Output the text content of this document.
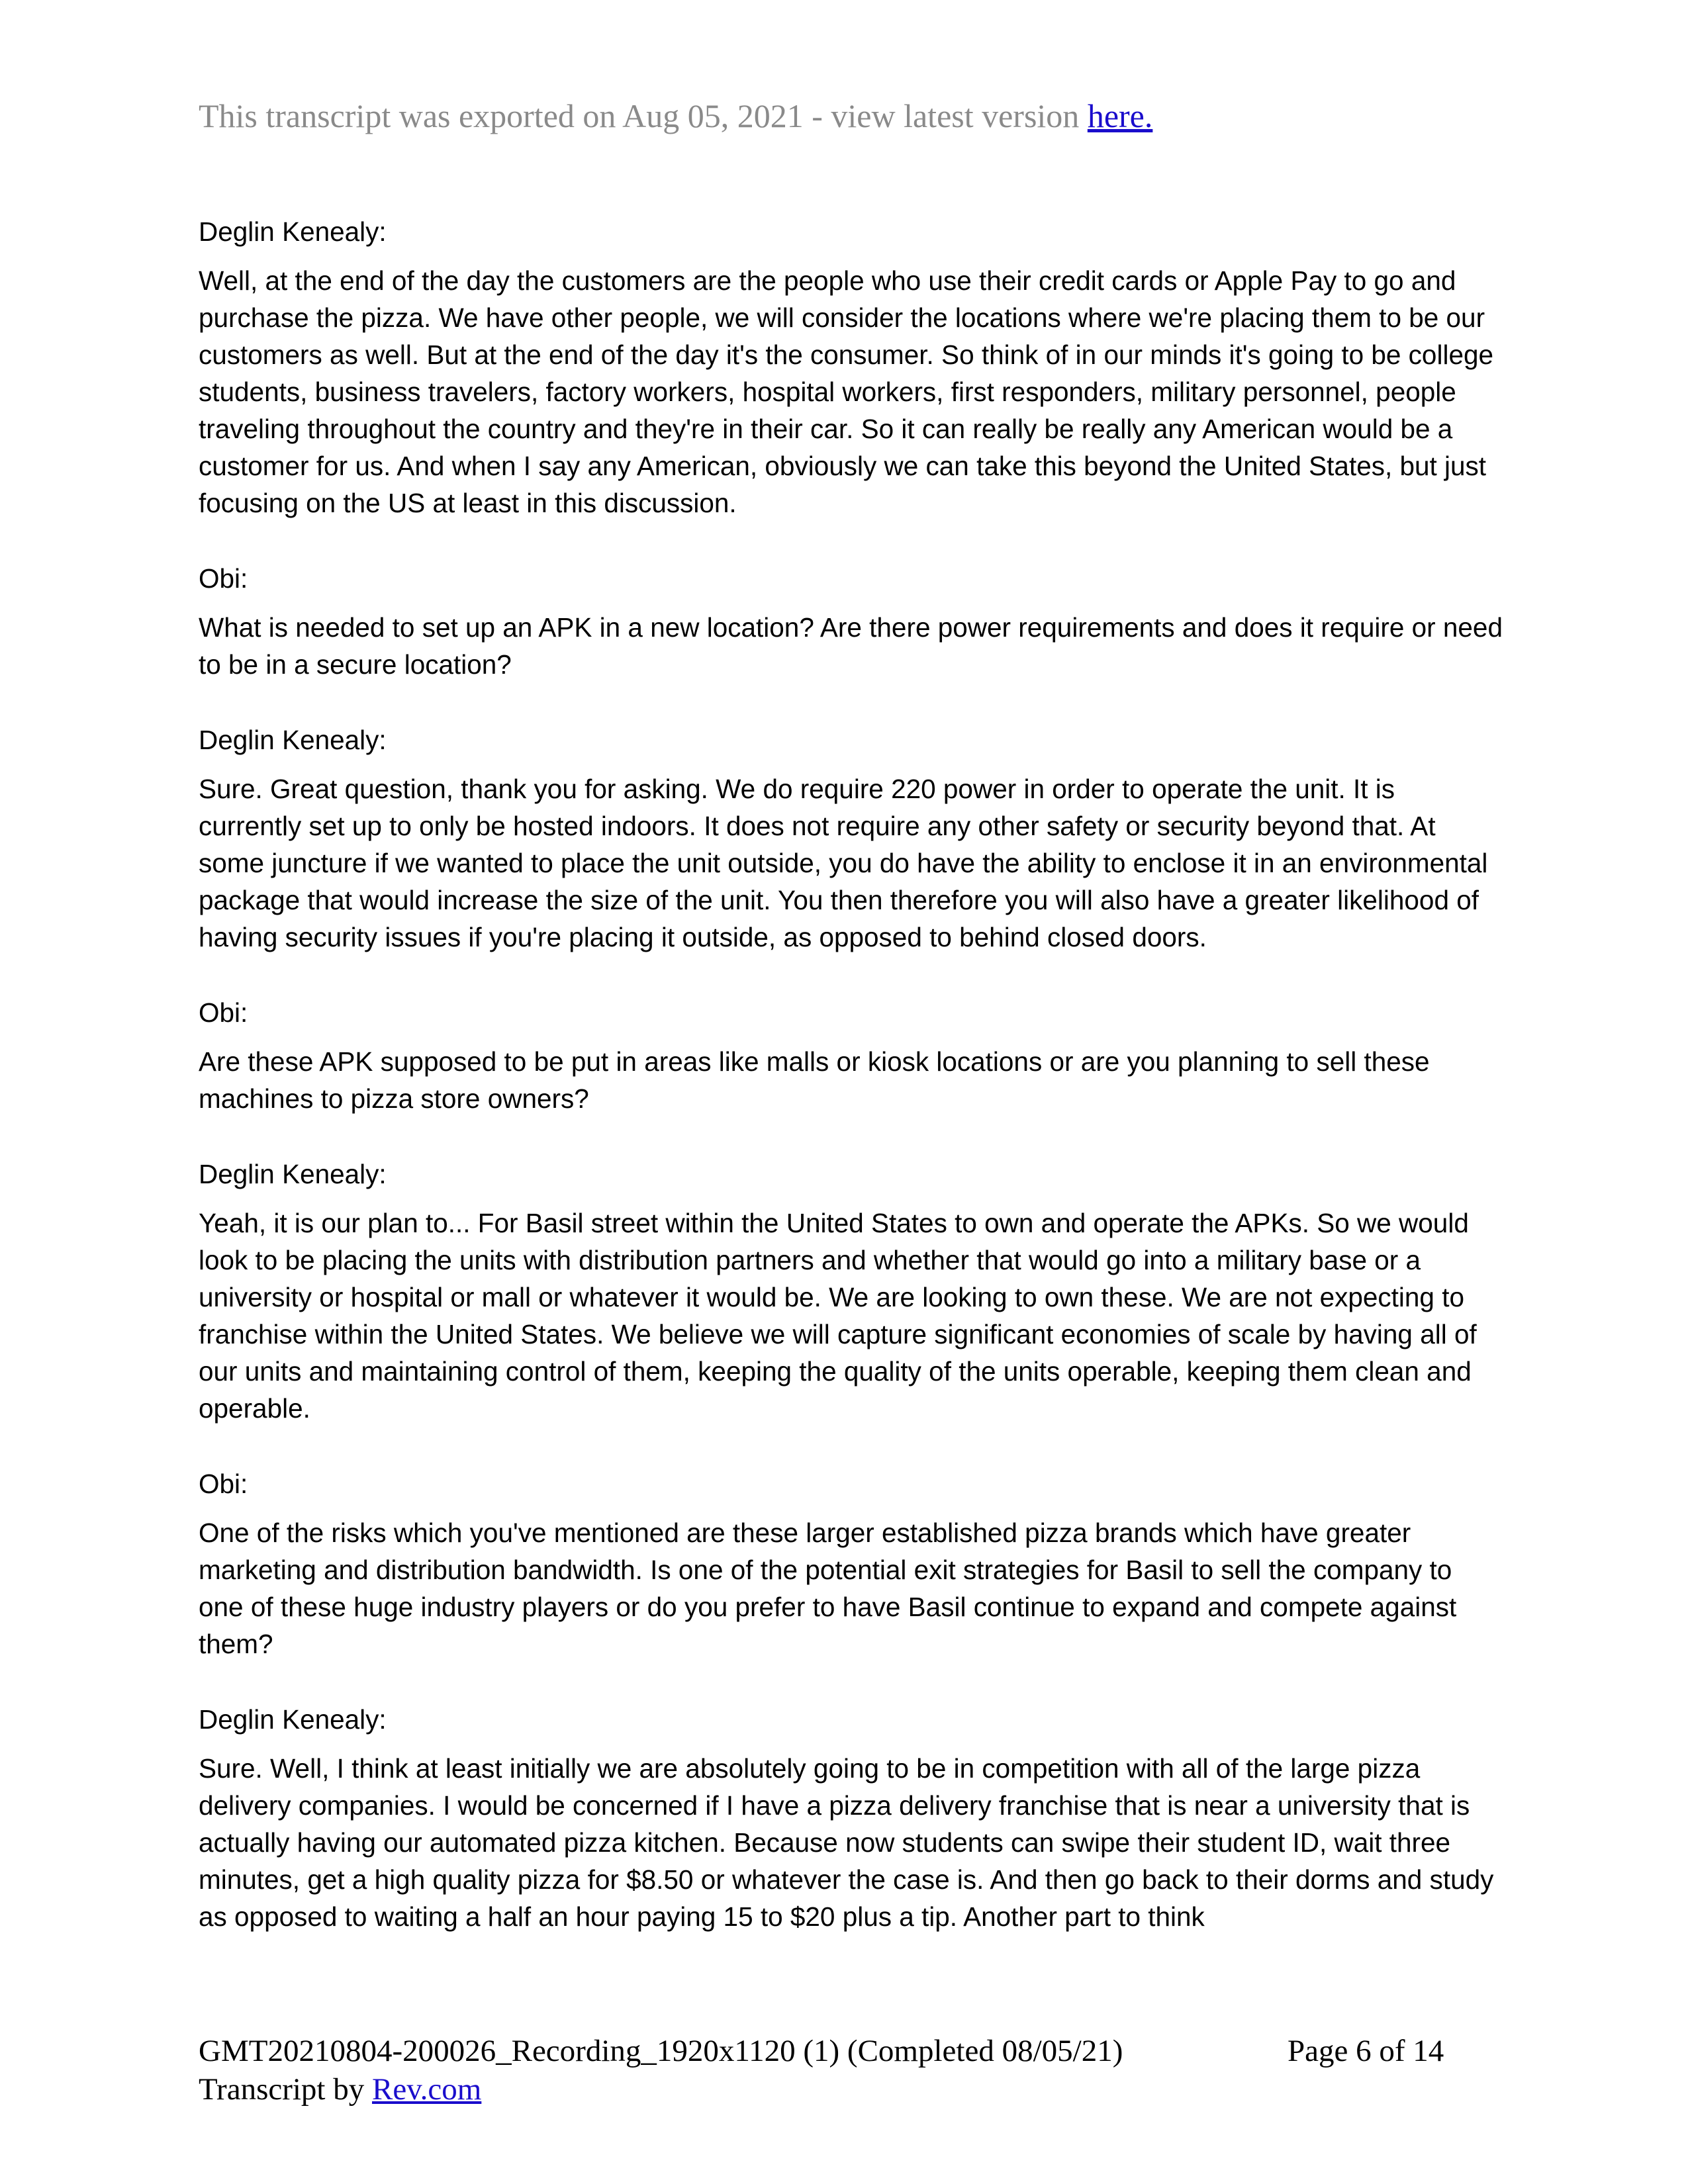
This transcript was exported on Aug 05, 2021 - view latest version here.

Deglin Kenealy:

Well, at the end of the day the customers are the people who use their credit cards or Apple Pay to go and purchase the pizza. We have other people, we will consider the locations where we're placing them to be our customers as well. But at the end of the day it's the consumer. So think of in our minds it's going to be college students, business travelers, factory workers, hospital workers, first responders, military personnel, people traveling throughout the country and they're in their car. So it can really be really any American would be a customer for us. And when I say any American, obviously we can take this beyond the United States, but just focusing on the US at least in this discussion.

Obi:

What is needed to set up an APK in a new location? Are there power requirements and does it require or need to be in a secure location?

Deglin Kenealy:

Sure. Great question, thank you for asking. We do require 220 power in order to operate the unit. It is currently set up to only be hosted indoors. It does not require any other safety or security beyond that. At some juncture if we wanted to place the unit outside, you do have the ability to enclose it in an environmental package that would increase the size of the unit. You then therefore you will also have a greater likelihood of having security issues if you're placing it outside, as opposed to behind closed doors.

Obi:

Are these APK supposed to be put in areas like malls or kiosk locations or are you planning to sell these machines to pizza store owners?

Deglin Kenealy:

Yeah, it is our plan to... For Basil street within the United States to own and operate the APKs. So we would look to be placing the units with distribution partners and whether that would go into a military base or a university or hospital or mall or whatever it would be. We are looking to own these. We are not expecting to franchise within the United States. We believe we will capture significant economies of scale by having all of our units and maintaining control of them, keeping the quality of the units operable, keeping them clean and operable.

Obi:

One of the risks which you've mentioned are these larger established pizza brands which have greater marketing and distribution bandwidth. Is one of the potential exit strategies for Basil to sell the company to one of these huge industry players or do you prefer to have Basil continue to expand and compete against them?

Deglin Kenealy:

Sure. Well, I think at least initially we are absolutely going to be in competition with all of the large pizza delivery companies. I would be concerned if I have a pizza delivery franchise that is near a university that is actually having our automated pizza kitchen. Because now students can swipe their student ID, wait three minutes, get a high quality pizza for $8.50 or whatever the case is. And then go back to their dorms and study as opposed to waiting a half an hour paying 15 to $20 plus a tip. Another part to think

GMT20210804-200026_Recording_1920x1120 (1) (Completed 08/05/21)	Page 6 of 14
Transcript by Rev.com
